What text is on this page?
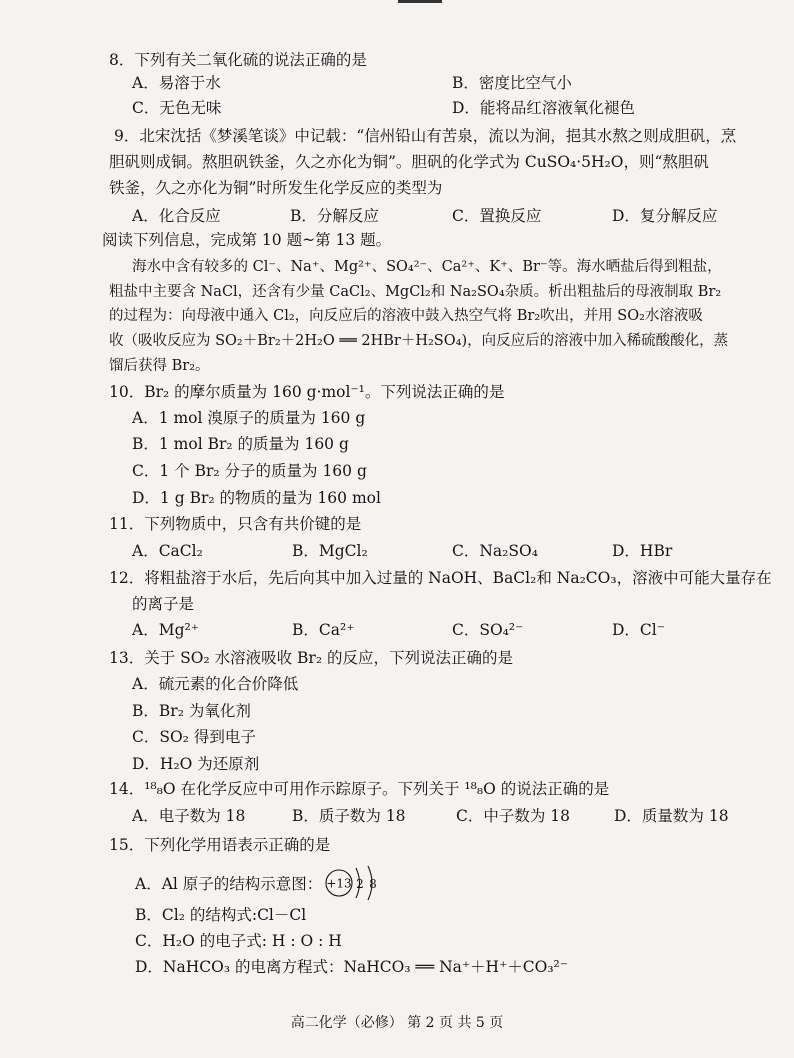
8．下列有关二氧化硫的说法正确的是
A．易溶于水	B．密度比空气小
C．无色无味	D．能将品红溶液氧化褪色
9．北宋沈括《梦溪笔谈》中记载：“信州铅山有苦泉，流以为涧，挹其水熬之则成胆矾，烹
胆矾则成铜。熬胆矾铁釜，久之亦化为铜”。胆矾的化学式为 CuSO₄·5H₂O，则“熬胆矾
铁釜，久之亦化为铜”时所发生化学反应的类型为
A．化合反应	B．分解反应	C．置换反应	D．复分解反应
阅读下列信息，完成第 10 题~第 13 题。
海水中含有较多的 Cl⁻、Na⁺、Mg²⁺、SO₄²⁻、Ca²⁺、K⁺、Br⁻等。海水晒盐后得到粗盐，
粗盐中主要含 NaCl，还含有少量 CaCl₂、MgCl₂和 Na₂SO₄杂质。析出粗盐后的母液制取 Br₂
的过程为：向母液中通入 Cl₂，向反应后的溶液中鼓入热空气将 Br₂吹出，并用 SO₂水溶液吸
收（吸收反应为 SO₂＋Br₂＋2H₂O ══ 2HBr＋H₂SO₄)，向反应后的溶液中加入稀硫酸酸化，蒸
馏后获得 Br₂。
10．Br₂ 的摩尔质量为 160 g·mol⁻¹。下列说法正确的是
A．1 mol 溴原子的质量为 160 g
B．1 mol Br₂ 的质量为 160 g
C．1 个 Br₂ 分子的质量为 160 g
D．1 g Br₂ 的物质的量为 160 mol
11．下列物质中，只含有共价键的是
A．CaCl₂	B．MgCl₂	C．Na₂SO₄	D．HBr
12．将粗盐溶于水后，先后向其中加入过量的 NaOH、BaCl₂和 Na₂CO₃，溶液中可能大量存在
的离子是
A．Mg²⁺	B．Ca²⁺	C．SO₄²⁻	D．Cl⁻
13．关于 SO₂ 水溶液吸收 Br₂ 的反应，下列说法正确的是
A．硫元素的化合价降低
B．Br₂ 为氧化剂
C．SO₂ 得到电子
D．H₂O 为还原剂
14．¹⁸₈O 在化学反应中可用作示踪原子。下列关于 ¹⁸₈O 的说法正确的是
A．电子数为 18	B．质子数为 18	C．中子数为 18	D．质量数为 18
15．下列化学用语表示正确的是
A．Al 原子的结构示意图： +13 2 8
B．Cl₂ 的结构式:Cl－Cl
C．H₂O 的电子式: H : O : H
D．NaHCO₃ 的电离方程式：NaHCO₃ ══ Na⁺＋H⁺＋CO₃²⁻
高二化学（必修） 第 2 页 共 5 页
